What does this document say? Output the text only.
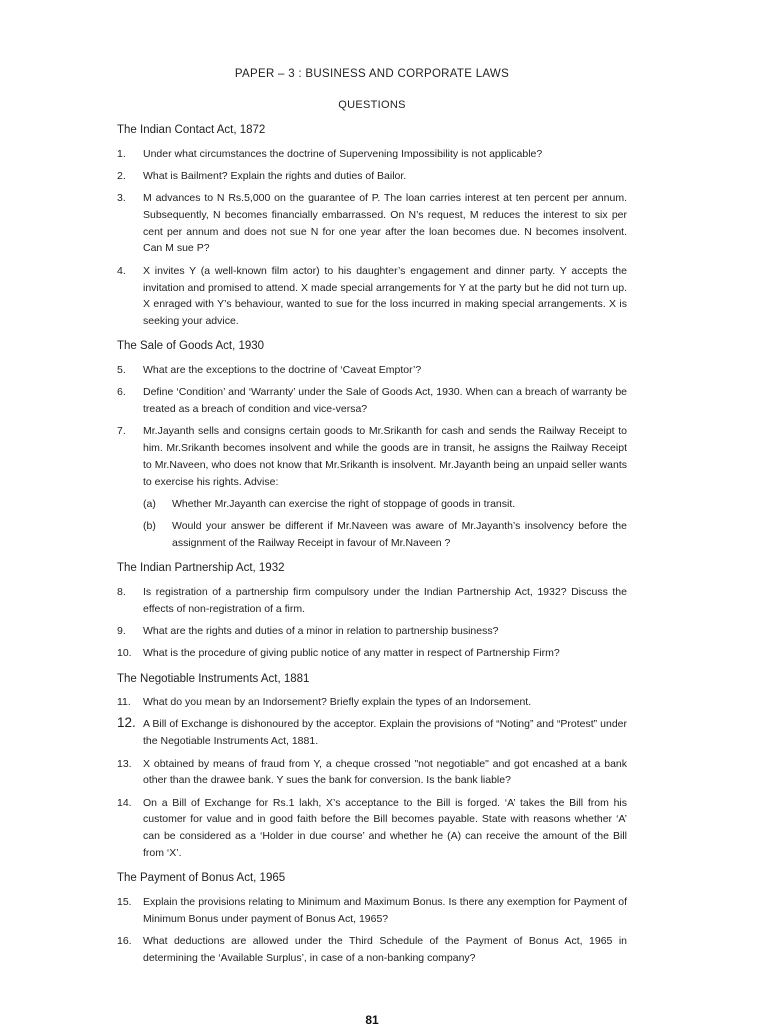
PAPER – 3 : BUSINESS AND CORPORATE LAWS
QUESTIONS
The Indian Contact Act, 1872
1.	Under what circumstances the doctrine of Supervening Impossibility is not applicable?
2.	What is Bailment? Explain the rights and duties of Bailor.
3.	M advances to N Rs.5,000 on the guarantee of P. The loan carries interest at ten percent per annum. Subsequently, N becomes financially embarrassed. On N’s request, M reduces the interest to six per cent per annum and does not sue N for one year after the loan becomes due. N becomes insolvent. Can M sue P?
4.	X invites Y (a well-known film actor) to his daughter’s engagement and dinner party. Y accepts the invitation and promised to attend. X made special arrangements for Y at the party but he did not turn up. X enraged with Y’s behaviour, wanted to sue for the loss incurred in making special arrangements. X is seeking your advice.
The Sale of Goods Act, 1930
5.	What are the exceptions to the doctrine of ‘Caveat Emptor’?
6.	Define ‘Condition’ and ‘Warranty’ under the Sale of Goods Act, 1930. When can a breach of warranty be treated as a breach of condition and vice-versa?
7.	Mr.Jayanth sells and consigns certain goods to Mr.Srikanth for cash and sends the Railway Receipt to him. Mr.Srikanth becomes insolvent and while the goods are in transit, he assigns the Railway Receipt to Mr.Naveen, who does not know that Mr.Srikanth is insolvent. Mr.Jayanth being an unpaid seller wants to exercise his rights. Advise:
(a)	Whether Mr.Jayanth can exercise the right of stoppage of goods in transit.
(b)	Would your answer be different if Mr.Naveen was aware of Mr.Jayanth’s insolvency before the assignment of the Railway Receipt in favour of Mr.Naveen ?
The Indian Partnership Act, 1932
8.	Is registration of a partnership firm compulsory under the Indian Partnership Act, 1932? Discuss the effects of non-registration of a firm.
9.	What are the rights and duties of a minor in relation to partnership business?
10.	What is the procedure of giving public notice of any matter in respect of Partnership Firm?
The Negotiable Instruments Act, 1881
11.	What do you mean by an Indorsement? Briefly explain the types of an Indorsement.
12. A Bill of Exchange is dishonoured by the acceptor. Explain the provisions of “Noting” and “Protest” under the Negotiable Instruments Act, 1881.
13.	X obtained by means of fraud from Y, a cheque crossed "not negotiable" and got encashed at a bank other than the drawee bank. Y sues the bank for conversion. Is the bank liable?
14.	On a Bill of Exchange for Rs.1 lakh, X’s acceptance to the Bill is forged. ‘A’ takes the Bill from his customer for value and in good faith before the Bill becomes payable. State with reasons whether ‘A’ can be considered as a ‘Holder in due course’ and whether he (A) can receive the amount of the Bill from ‘X’.
The Payment of Bonus Act, 1965
15.	Explain the provisions relating to Minimum and Maximum Bonus. Is there any exemption for Payment of Minimum Bonus under payment of Bonus Act, 1965?
16.	What deductions are allowed under the Third Schedule of the Payment of Bonus Act, 1965 in determining the ‘Available Surplus’, in case of a non-banking company?
81
